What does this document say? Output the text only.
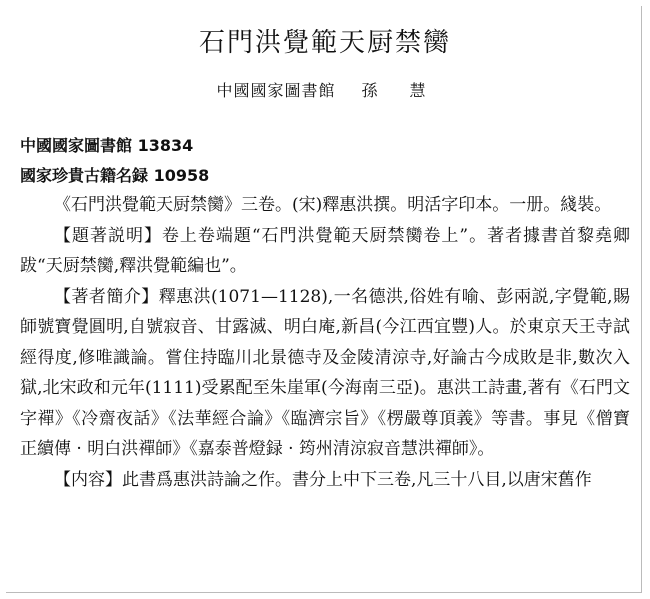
石門洪覺範天厨禁臠
中國國家圖書館 孫　慧
中國國家圖書館 13834
國家珍貴古籍名録 10958

《石門洪覺範天厨禁臠》三卷。(宋)釋惠洪撰。明活字印本。一册。綫裝。

【題著説明】卷上卷端題“石門洪覺範天厨禁臠卷上”。著者據書首黎堯卿跋“天厨禁臠,釋洪覺範編也”。

【著者簡介】釋惠洪(1071—1128),一名德洪,俗姓有喻、彭兩説,字覺範,賜師號寶覺圓明,自號寂音、甘露滅、明白庵,新昌(今江西宜豐)人。於東京天王寺試經得度,修唯識論。嘗住持臨川北景德寺及金陵清涼寺,好論古今成敗是非,數次入獄,北宋政和元年(1111)受累配至朱崖軍(今海南三亞)。惠洪工詩畫,著有《石門文字禪》《冷齋夜話》《法華經合論》《臨濟宗旨》《楞嚴尊頂義》等書。事見《僧寶正續傳 · 明白洪禪師》《嘉泰普燈録 · 筠州清涼寂音慧洪禪師》。

【内容】此書爲惠洪詩論之作。書分上中下三卷,凡三十八目,以唐宋舊作
